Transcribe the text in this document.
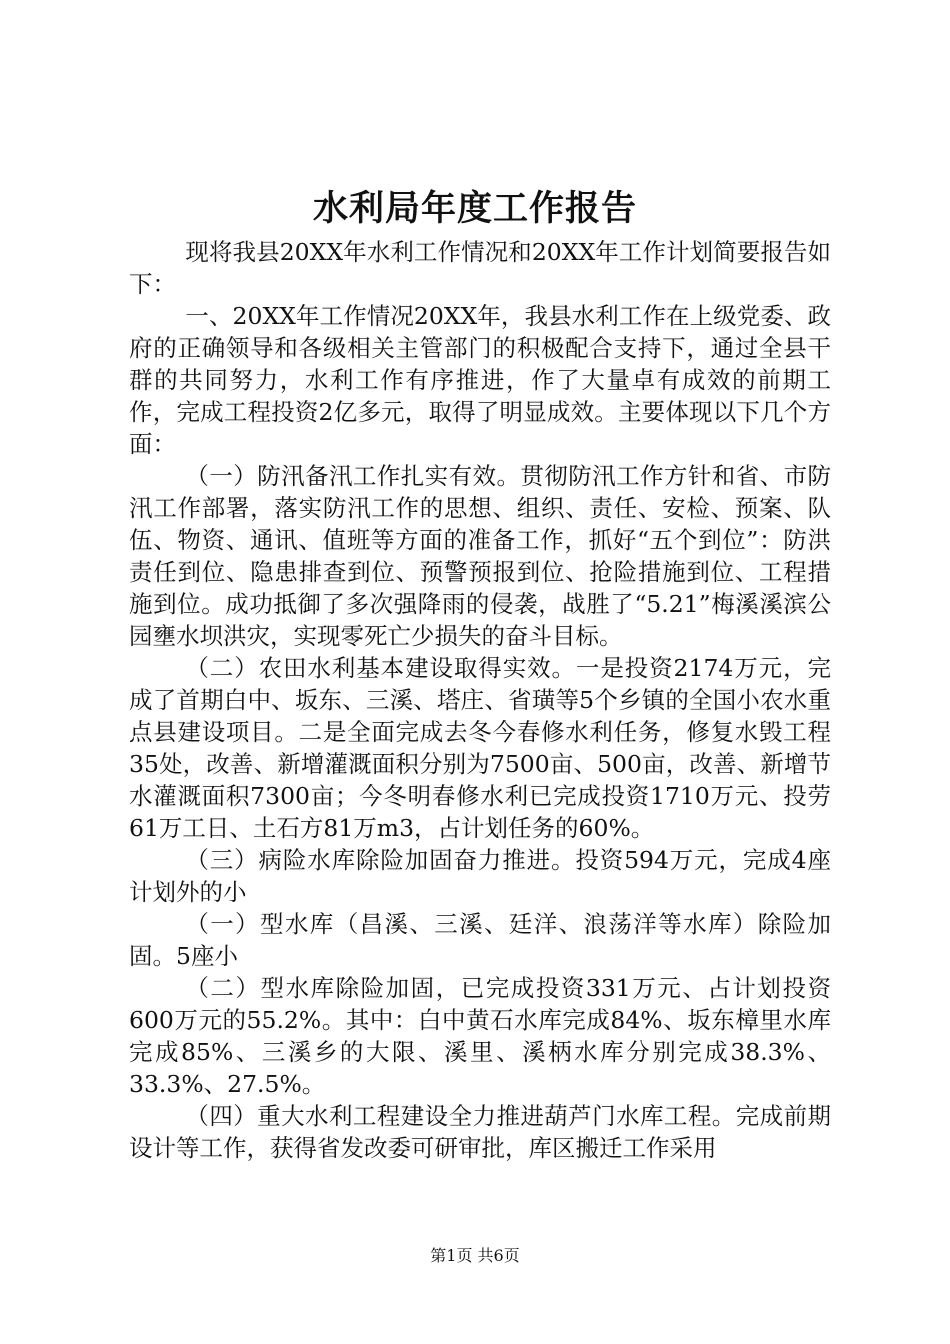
水利局年度工作报告

现将我县20XX年水利工作情况和20XX年工作计划简要报告如下：

一、20XX年工作情况20XX年，我县水利工作在上级党委、政府的正确领导和各级相关主管部门的积极配合支持下，通过全县干群的共同努力，水利工作有序推进，作了大量卓有成效的前期工作，完成工程投资2亿多元，取得了明显成效。主要体现以下几个方面：

（一）防汛备汛工作扎实有效。贯彻防汛工作方针和省、市防汛工作部署，落实防汛工作的思想、组织、责任、安检、预案、队伍、物资、通讯、值班等方面的准备工作，抓好“五个到位”：防洪责任到位、隐患排查到位、预警预报到位、抢险措施到位、工程措施到位。成功抵御了多次强降雨的侵袭，战胜了“5.21”梅溪溪滨公园壅水坝洪灾，实现零死亡少损失的奋斗目标。

（二）农田水利基本建设取得实效。一是投资2174万元，完成了首期白中、坂东、三溪、塔庄、省璜等5个乡镇的全国小农水重点县建设项目。二是全面完成去冬今春修水利任务，修复水毁工程35处，改善、新增灌溉面积分别为7500亩、500亩，改善、新增节水灌溉面积7300亩；今冬明春修水利已完成投资1710万元、投劳61万工日、土石方81万m3，占计划任务的60%。

（三）病险水库除险加固奋力推进。投资594万元，完成4座计划外的小

（一）型水库（昌溪、三溪、廷洋、浪荡洋等水库）除险加固。5座小

（二）型水库除险加固，已完成投资331万元、占计划投资600万元的55.2%。其中：白中黄石水库完成84%、坂东樟里水库完成85%、三溪乡的大限、溪里、溪柄水库分别完成38.3%、33.3%、27.5%。

（四）重大水利工程建设全力推进葫芦门水库工程。完成前期设计等工作，获得省发改委可研审批，库区搬迁工作采用

第1页 共6页
